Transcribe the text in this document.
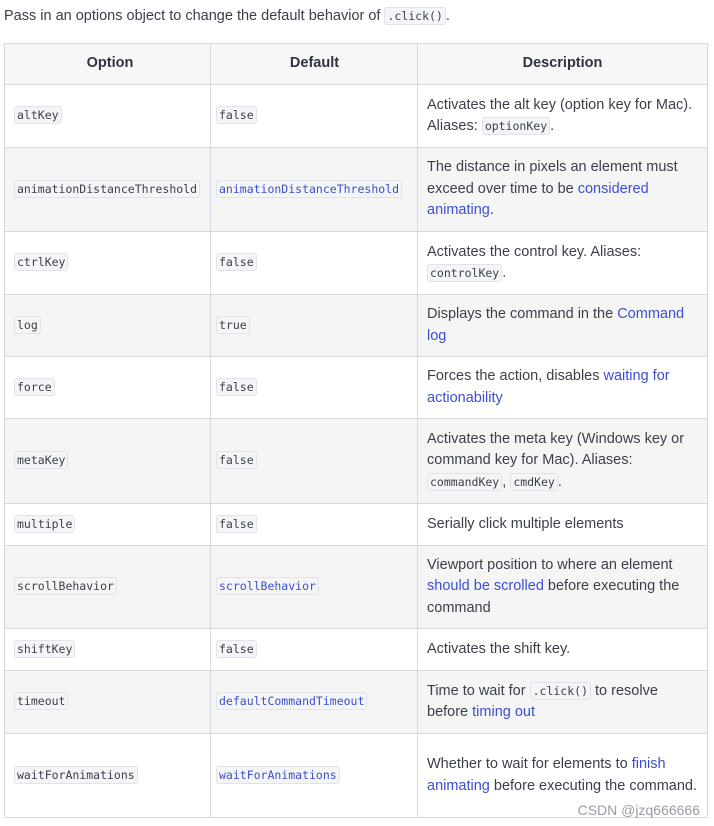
Pass in an options object to change the default behavior of .click() .

Option	Default	Description
altKey	false	Activates the alt key (option key for Mac). Aliases: optionKey .
animationDistanceThreshold	animationDistanceThreshold	The distance in pixels an element must exceed over time to be considered animating.
ctrlKey	false	Activates the control key. Aliases: controlKey .
log	true	Displays the command in the Command log
force	false	Forces the action, disables waiting for actionability
metaKey	false	Activates the meta key (Windows key or command key for Mac). Aliases: commandKey , cmdKey .
multiple	false	Serially click multiple elements
scrollBehavior	scrollBehavior	Viewport position to where an element should be scrolled before executing the command
shiftKey	false	Activates the shift key.
timeout	defaultCommandTimeout	Time to wait for .click() to resolve before timing out
waitForAnimations	waitForAnimations	Whether to wait for elements to finish animating before executing the command.
CSDN @jzq666666
